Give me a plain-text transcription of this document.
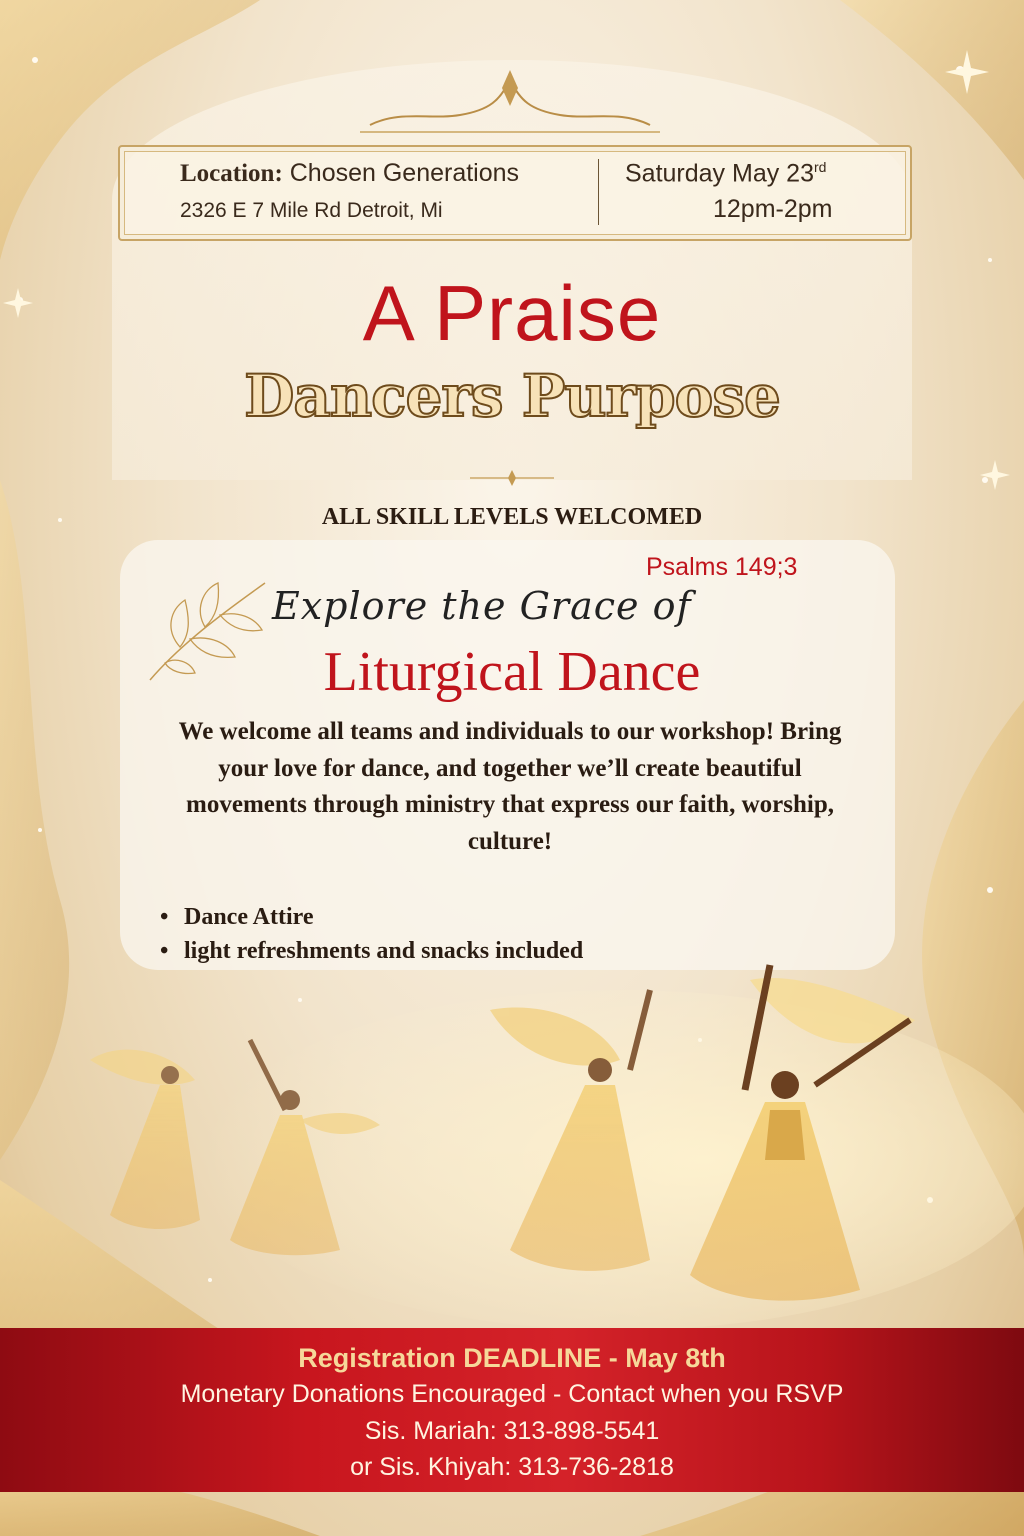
Location: Chosen Generations
2326 E 7 Mile Rd Detroit, Mi
Saturday May 23rd
12pm-2pm
A Praise
Dancers Purpose
ALL SKILL LEVELS WELCOMED
Psalms 149;3
Explore the Grace of
Liturgical Dance
We welcome all teams and individuals to our workshop! Bring your love for dance, and together we’ll create beautiful movements through ministry that express our faith, worship, culture!
• Dance Attire
• light refreshments and snacks included
Registration DEADLINE - May 8th
Monetary Donations Encouraged - Contact when you RSVP
Sis. Mariah: 313-898-5541
or Sis. Khiyah: 313-736-2818
